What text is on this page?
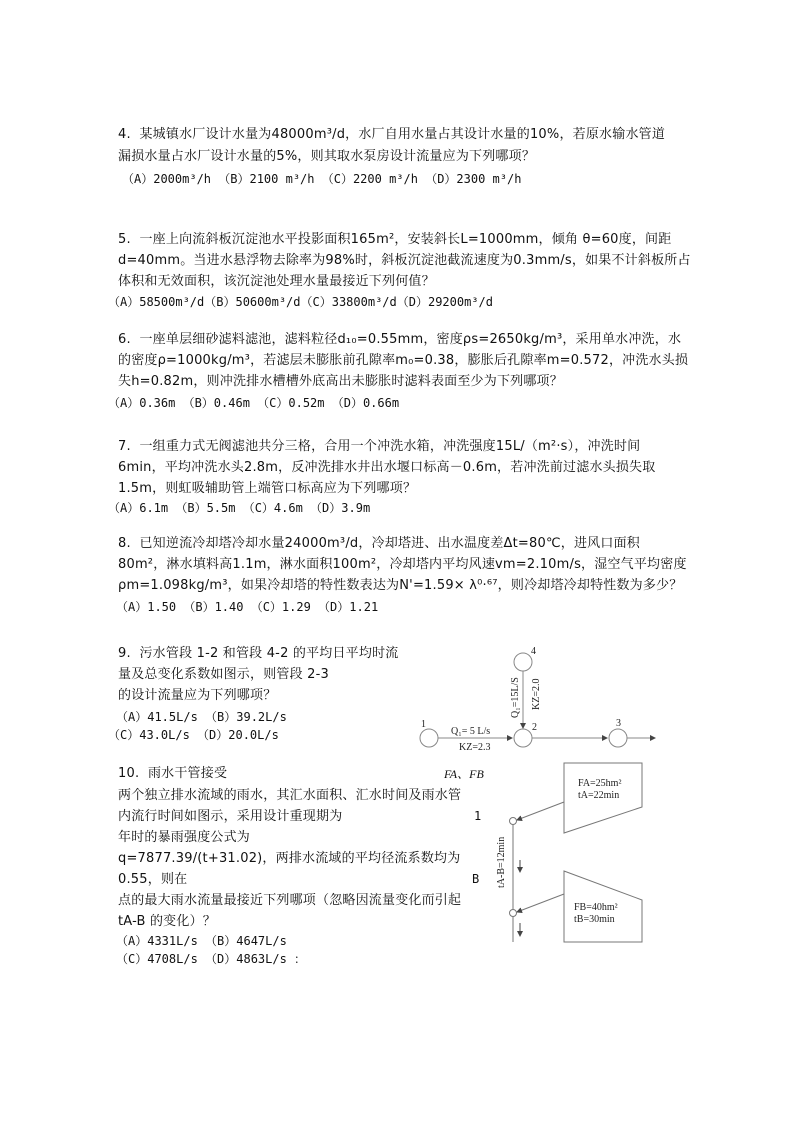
4. 某城镇水厂设计水量为48000m³/d，水厂自用水量占其设计水量的10%，若原水输水管道
漏损水量占水厂设计水量的5%，则其取水泵房设计流量应为下列哪项？
（A）2000m³/h （B）2100 m³/h （C）2200 m³/h （D）2300 m³/h
5. 一座上向流斜板沉淀池水平投影面积165m²，安装斜长L=1000mm，倾角 θ=60度，间距
d=40mm。当进水悬浮物去除率为98%时，斜板沉淀池截流速度为0.3mm/s，如果不计斜板所占
体积和无效面积，该沉淀池处理水量最接近下列何值？
（A）58500m³/d（B）50600m³/d（C）33800m³/d（D）29200m³/d
6. 一座单层细砂滤料滤池，滤料粒径d₁₀=0.55mm，密度ρs=2650kg/m³，采用单水冲洗，水
的密度ρ=1000kg/m³，若滤层未膨胀前孔隙率m₀=0.38，膨胀后孔隙率m=0.572，冲洗水头损
失h=0.82m，则冲洗排水槽槽外底高出未膨胀时滤料表面至少为下列哪项？
（A）0.36m （B）0.46m （C）0.52m （D）0.66m
7. 一组重力式无阀滤池共分三格，合用一个冲洗水箱，冲洗强度15L/（m²·s），冲洗时间
6min，平均冲洗水头2.8m，反冲洗排水井出水堰口标高－0.6m，若冲洗前过滤水头损失取
1.5m，则虹吸辅助管上端管口标高应为下列哪项？
（A）6.1m （B）5.5m （C）4.6m （D）3.9m
8. 已知逆流冷却塔冷却水量24000m³/d，冷却塔进、出水温度差Δt=80℃，进风口面积
80m²，淋水填料高1.1m，淋水面积100m²，冷却塔内平均风速vm=2.10m/s，湿空气平均密度
ρm=1.098kg/m³，如果冷却塔的特性数表达为N'=1.59× λ⁰·⁶⁷，则冷却塔冷却特性数为多少？
（A）1.50 （B）1.40 （C）1.29 （D）1.21
9. 污水管段 1-2 和管段 4-2 的平均日平均时流
量及总变化系数如图示，则管段 2-3
的设计流量应为下列哪项？
（A）41.5L/s （B）39.2L/s
（C）43.0L/s （D）20.0L/s
4
Q₁=15L/S KZ=2.0
1
Q₁= 5 L/s
KZ=2.3
2	3
10. 雨水干管接受
两个独立排水流域的雨水，其汇水面积、汇水时间及雨水管
内流行时间如图示，采用设计重现期为
年时的暴雨强度公式为
q=7877.39/(t+31.02)，两排水流域的平均径流系数均为
0.55，则在
点的最大雨水流量最接近下列哪项（忽略因流量变化而引起
tA-B 的变化）？
（A）4331L/s （B）4647L/s
（C）4708L/s （D）4863L/s ：
FA、FB
1
B
FA=25hm²
tA=22min
tA-B=12min
FB=40hm²
tB=30min
